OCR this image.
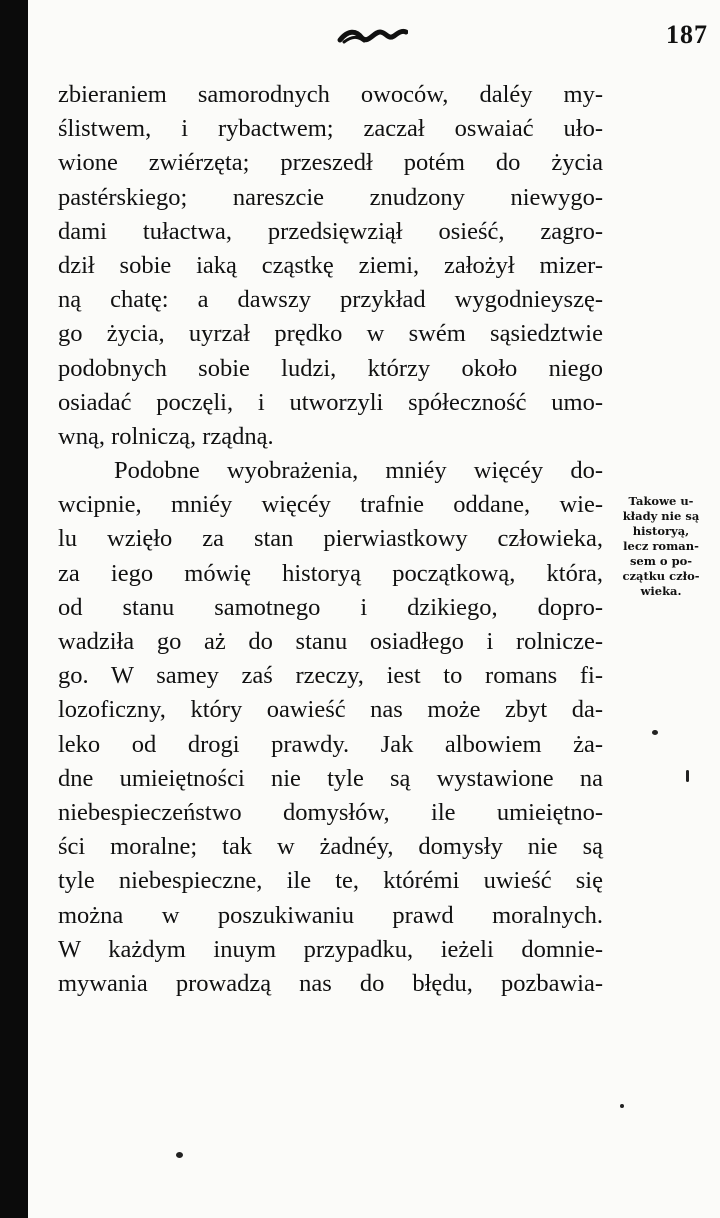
187
zbieraniem samorodnych owoców, daléy my-
ślistwem, i rybactwem; zaczał oswaiać uło-
wione zwiérzęta; przeszedł potém do życia
pastérskiego; nareszcie znudzony niewygo-
dami tułactwa, przedsięwziął osieść, zagro-
dził sobie iaką cząstkę ziemi, założył mizer-
ną chatę: a dawszy przykład wygodnieyszę-
go życia, uyrzał prędko w swém sąsiedztwie
podobnych sobie ludzi, którzy około niego
osiadać poczęli, i utworzyli spółeczność umo-
wną, rolniczą, rządną.
Podobne wyobrażenia, mniéy więcéy do-
wcipnie, mniéy więcéy trafnie oddane, wie-
lu wzięło za stan pierwiastkowy człowieka,
za iego mówię historyą początkową, która,
od stanu samotnego i dzikiego, dopro-
wadziła go aż do stanu osiadłego i rolnicze-
go. W samey zaś rzeczy, iest to romans fi-
lozoficzny, który oawieść nas może zbyt da-
leko od drogi prawdy. Jak albowiem ża-
dne umieiętności nie tyle są wystawione na
niebespieczeństwo domysłów, ile umieiętno-
ści moralne; tak w żadnéy, domysły nie są
tyle niebespieczne, ile te, którémi uwieść się
można w poszukiwaniu prawd moralnych.
W każdym inuym przypadku, ieżeli domnie-
mywania prowadzą nas do błędu, pozbawia-
Takowe u-
kłady nie są
historyą,
lecz roman-
sem o po-
czątku czło-
wieka.
